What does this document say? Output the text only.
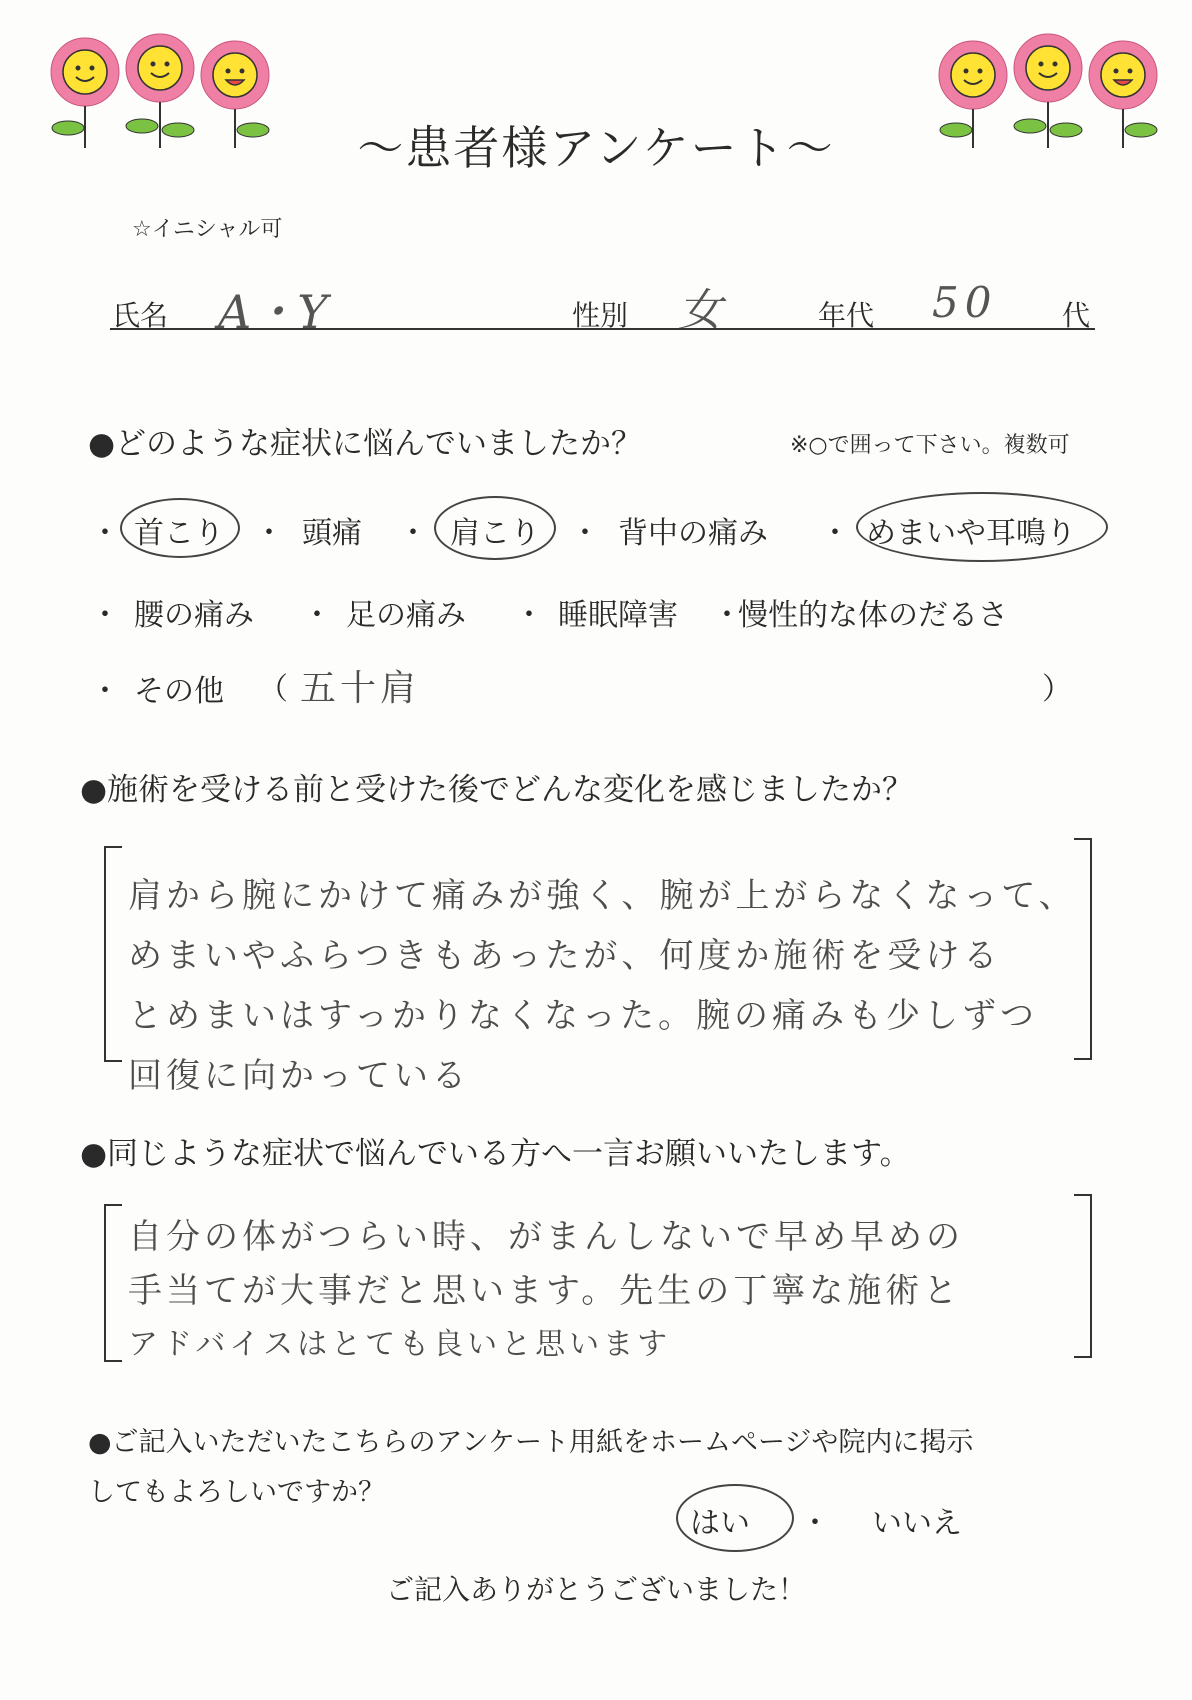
～患者様アンケート～
☆イニシャル可
氏名 A・Y	性別 女	年代 50 代
●どのような症状に悩んでいましたか？	※○で囲って下さい。複数可
・ 首こり ・ 頭痛 ・ 肩こり ・ 背中の痛み ・ めまいや耳鳴り
・ 腰の痛み ・ 足の痛み ・ 睡眠障害 ・
慢性的な体のだるさ
・ その他 （ 五十肩	）
●施術を受ける前と受けた後でどんな変化を感じましたか？
肩から腕にかけて痛みが強く、腕が上がらなくなって、
めまいやふらつきもあったが、何度か施術を受ける
とめまいはすっかりなくなった。腕の痛みも少しずつ
回復に向かっている
●同じような症状で悩んでいる方へ一言お願いいたします。
自分の体がつらい時、がまんしないで早め早めの
手当てが大事だと思います。先生の丁寧な施術と
アドバイスはとても良いと思います
●ご記入いただいたこちらのアンケート用紙をホームページや院内に掲示
してもよろしいですか？
はい ・ いいえ
ご記入ありがとうございました！
